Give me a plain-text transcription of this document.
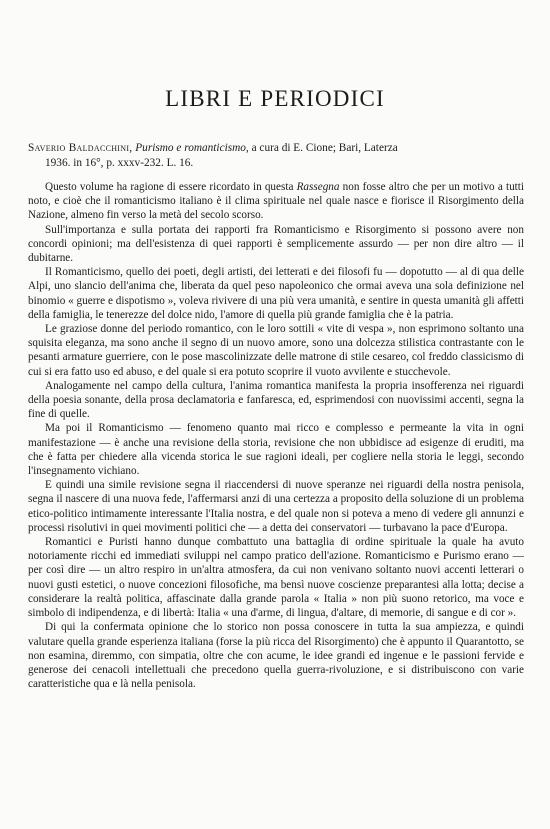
LIBRI E PERIODICI
Saverio Baldacchini, Purismo e romanticismo, a cura di E. Cione; Bari, Laterza
1936. in 16°, p. xxxv-232. L. 16.

Questo volume ha ragione di essere ricordato in questa Rassegna non fosse altro che per un motivo a tutti noto, e cioè che il romanticismo italiano è il clima spirituale nel quale nasce e fiorisce il Risorgimento della Nazione, almeno fin verso la metà del secolo scorso.

Sull'importanza e sulla portata dei rapporti fra Romanticismo e Risorgimento si possono avere non concordi opinioni; ma dell'esistenza di quei rapporti è semplicemente assurdo — per non dire altro — il dubitarne.

Il Romanticismo, quello dei poeti, degli artisti, dei letterati e dei filosofi fu — dopotutto — al di qua delle Alpi, uno slancio dell'anima che, liberata da quel peso napoleonico che ormai aveva una sola definizione nel binomio « guerre e dispotismo », voleva rivivere di una più vera umanità, e sentire in questa umanità gli affetti della famiglia, le tenerezze del dolce nido, l'amore di quella più grande famiglia che è la patria.

Le graziose donne del periodo romantico, con le loro sottili « vite di vespa », non esprimono soltanto una squisita eleganza, ma sono anche il segno di un nuovo amore, sono una dolcezza stilistica contrastante con le pesanti armature guerriere, con le pose mascolinizzate delle matrone di stile cesareo, col freddo classicismo di cui si era fatto uso ed abuso, e del quale si era potuto scoprire il vuoto avvilente e stucchevole.

Analogamente nel campo della cultura, l'anima romantica manifesta la propria insofferenza nei riguardi della poesia sonante, della prosa declamatoria e fanfaresca, ed, esprimendosi con nuovissimi accenti, segna la fine di quelle.

Ma poi il Romanticismo — fenomeno quanto mai ricco e complesso e permeante la vita in ogni manifestazione — è anche una revisione della storia, revisione che non ubbidisce ad esigenze di eruditi, ma che è fatta per chiedere alla vicenda storica le sue ragioni ideali, per cogliere nella storia le leggi, secondo l'insegnamento vichiano.

E quindi una simile revisione segna il riaccendersi di nuove speranze nei riguardi della nostra penisola, segna il nascere di una nuova fede, l'affermarsi anzi di una certezza a proposito della soluzione di un problema etico-politico intimamente interessante l'Italia nostra, e del quale non si poteva a meno di vedere gli annunzi e processi risolutivi in quei movimenti politici che — a detta dei conservatori — turbavano la pace d'Europa.

Romantici e Puristi hanno dunque combattuto una battaglia di ordine spirituale la quale ha avuto notoriamente ricchi ed immediati sviluppi nel campo pratico dell'azione. Romanticismo e Purismo erano — per così dire — un altro respiro in un'altra atmosfera, da cui non venivano soltanto nuovi accenti letterari o nuovi gusti estetici, o nuove concezioni filosofiche, ma bensì nuove coscienze preparantesi alla lotta; decise a considerare la realtà politica, affascinate dalla grande parola « Italia » non più suono retorico, ma voce e simbolo di indipendenza, e di libertà: Italia « una d'arme, di lingua, d'altare, di memorie, di sangue e di cor ».

Di qui la confermata opinione che lo storico non possa conoscere in tutta la sua ampiezza, e quindi valutare quella grande esperienza italiana (forse la più ricca del Risorgimento) che è appunto il Quarantotto, se non esamina, diremmo, con simpatia, oltre che con acume, le idee grandi ed ingenue e le passioni fervide e generose dei cenacoli intellettuali che precedono quella guerra-rivoluzione, e si distribuiscono con varie caratteristiche qua e là nella penisola.
